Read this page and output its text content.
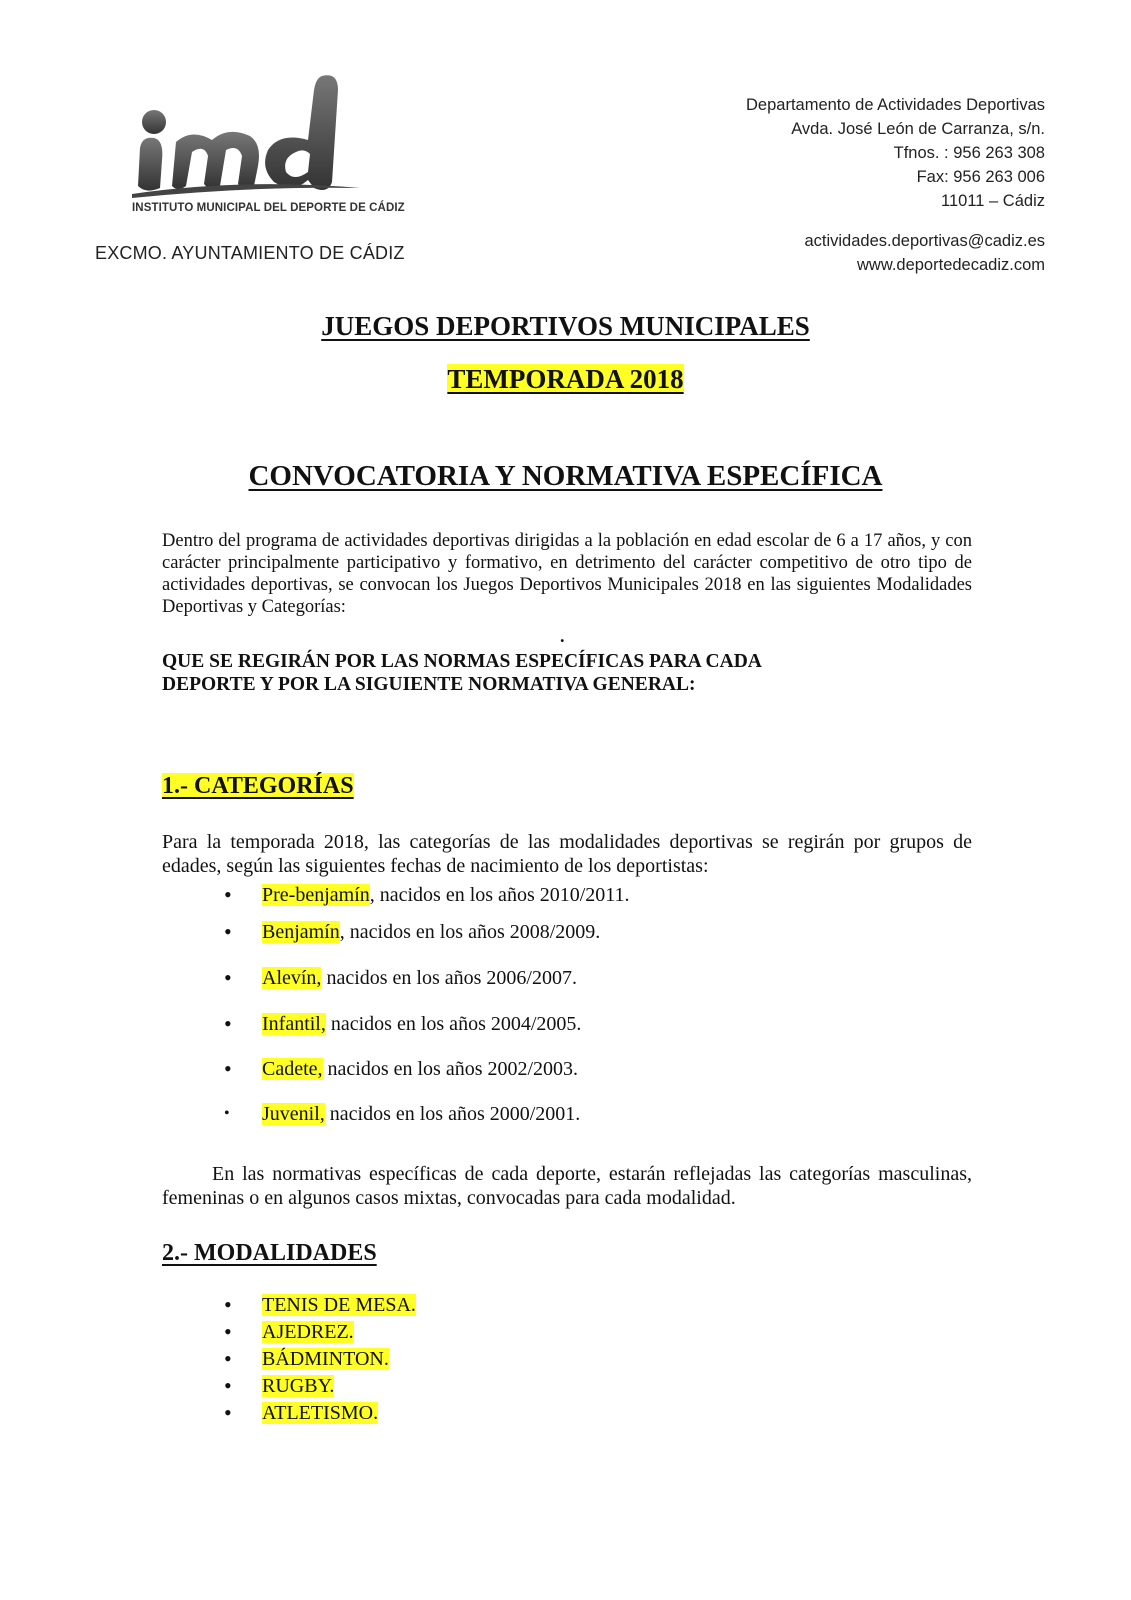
INSTITUTO MUNICIPAL DEL DEPORTE DE CÁDIZ
EXCMO. AYUNTAMIENTO DE CÁDIZ
Departamento de Actividades Deportivas
Avda. José León de Carranza, s/n.
Tfnos. : 956 263 308
Fax: 956 263 006
11011 – Cádiz
actividades.deportivas@cadiz.es
www.deportedecadiz.com
JUEGOS DEPORTIVOS MUNICIPALES
TEMPORADA 2018
CONVOCATORIA Y NORMATIVA ESPECÍFICA
Dentro del programa de actividades deportivas dirigidas a la población en edad escolar de 6 a 17 años, y con carácter principalmente participativo y formativo, en detrimento del carácter competitivo de otro tipo de actividades deportivas, se convocan los Juegos Deportivos Municipales 2018 en las siguientes Modalidades Deportivas y Categorías:
.
QUE SE REGIRÁN POR LAS NORMAS ESPECÍFICAS PARA CADA
DEPORTE Y POR LA SIGUIENTE NORMATIVA GENERAL:
1.- CATEGORÍAS
Para la temporada 2018, las categorías de las modalidades deportivas se regirán por grupos de edades, según las siguientes fechas de nacimiento de los deportistas:
•	Pre-benjamín, nacidos en los años 2010/2011.
•	Benjamín, nacidos en los años 2008/2009.
•	Alevín, nacidos en los años 2006/2007.
•	Infantil, nacidos en los años 2004/2005.
•	Cadete, nacidos en los años 2002/2003.
•	Juvenil, nacidos en los años 2000/2001.
En las normativas específicas de cada deporte, estarán reflejadas las categorías masculinas, femeninas o en algunos casos mixtas, convocadas para cada modalidad.
2.- MODALIDADES
•	TENIS DE MESA.
•	AJEDREZ.
•	BÁDMINTON.
•	RUGBY.
•	ATLETISMO.
